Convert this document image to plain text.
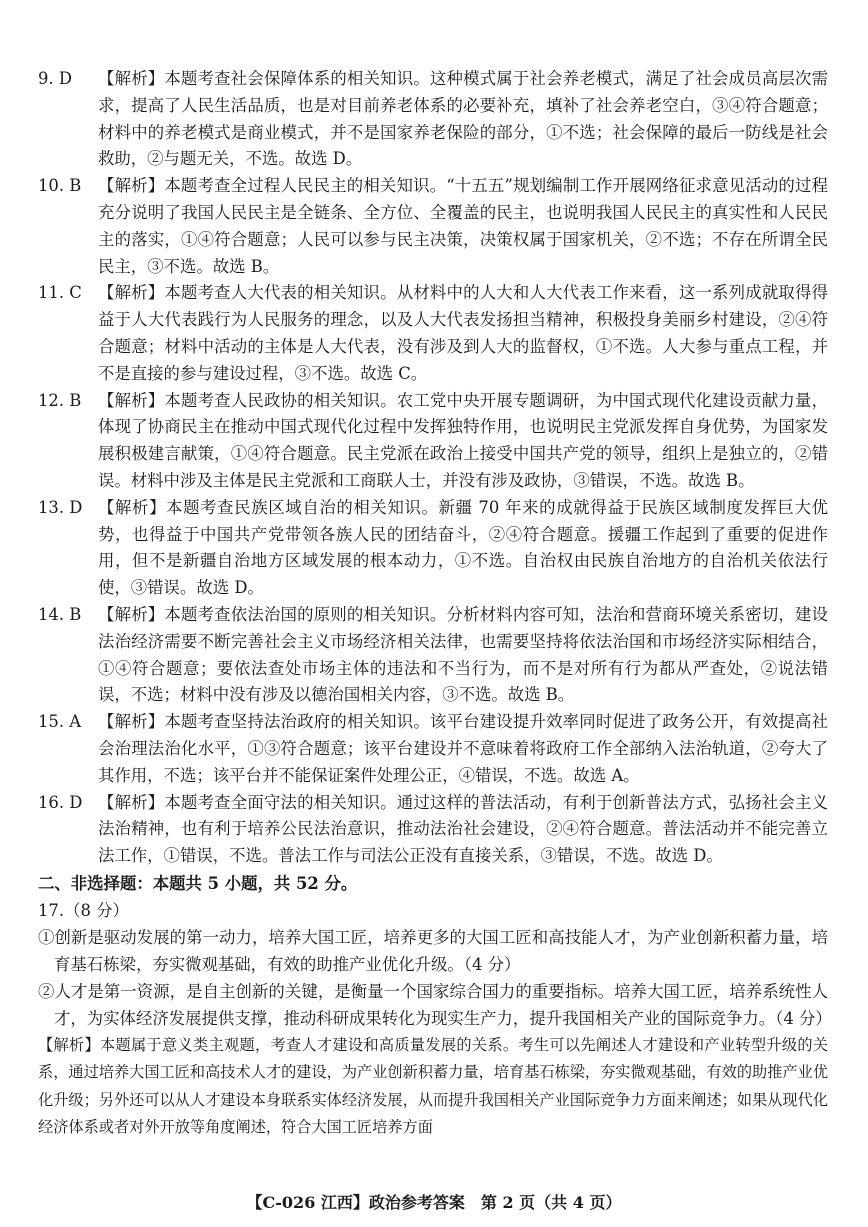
9. D	【解析】本题考查社会保障体系的相关知识。这种模式属于社会养老模式，满足了社会成员高层次需求，提高了人民生活品质，也是对目前养老体系的必要补充，填补了社会养老空白，③④符合题意；材料中的养老模式是商业模式，并不是国家养老保险的部分，①不选；社会保障的最后一防线是社会救助，②与题无关，不选。故选 D。
10. B	【解析】本题考查全过程人民民主的相关知识。“十五五”规划编制工作开展网络征求意见活动的过程充分说明了我国人民民主是全链条、全方位、全覆盖的民主，也说明我国人民民主的真实性和人民民主的落实，①④符合题意；人民可以参与民主决策，决策权属于国家机关，②不选；不存在所谓全民民主，③不选。故选 B。
11. C 【解析】本题考查人大代表的相关知识。从材料中的人大和人大代表工作来看，这一系列成就取得得益于人大代表践行为人民服务的理念，以及人大代表发扬担当精神，积极投身美丽乡村建设，②④符合题意；材料中活动的主体是人大代表，没有涉及到人大的监督权，①不选。人大参与重点工程，并不是直接的参与建设过程，③不选。故选 C。
12. B	【解析】本题考查人民政协的相关知识。农工党中央开展专题调研，为中国式现代化建设贡献力量，体现了协商民主在推动中国式现代化过程中发挥独特作用，也说明民主党派发挥自身优势，为国家发展积极建言献策，①④符合题意。民主党派在政治上接受中国共产党的领导，组织上是独立的，②错误。材料中涉及主体是民主党派和工商联人士，并没有涉及政协，③错误，不选。故选 B。
13. D 【解析】本题考查民族区域自治的相关知识。新疆 70 年来的成就得益于民族区域制度发挥巨大优势，也得益于中国共产党带领各族人民的团结奋斗，②④符合题意。援疆工作起到了重要的促进作用，但不是新疆自治地方区域发展的根本动力，①不选。自治权由民族自治地方的自治机关依法行使，③错误。故选 D。
14. B	【解析】本题考查依法治国的原则的相关知识。分析材料内容可知，法治和营商环境关系密切，建设法治经济需要不断完善社会主义市场经济相关法律，也需要坚持将依法治国和市场经济实际相结合，①④符合题意；要依法查处市场主体的违法和不当行为，而不是对所有行为都从严查处，②说法错误，不选；材料中没有涉及以德治国相关内容，③不选。故选 B。
15. A	【解析】本题考查坚持法治政府的相关知识。该平台建设提升效率同时促进了政务公开，有效提高社会治理法治化水平，①③符合题意；该平台建设并不意味着将政府工作全部纳入法治轨道，②夸大了其作用，不选；该平台并不能保证案件处理公正，④错误，不选。故选 A。
16. D 【解析】本题考查全面守法的相关知识。通过这样的普法活动，有利于创新普法方式，弘扬社会主义法治精神，也有利于培养公民法治意识，推动法治社会建设，②④符合题意。普法活动并不能完善立法工作，①错误，不选。普法工作与司法公正没有直接关系，③错误，不选。故选 D。

二、非选择题：本题共 5 小题，共 52 分。

17.（8 分）

①创新是驱动发展的第一动力，培养大国工匠，培养更多的大国工匠和高技能人才，为产业创新积蓄力量，培育基石栋梁，夯实微观基础，有效的助推产业优化升级。（4 分）

②人才是第一资源，是自主创新的关键，是衡量一个国家综合国力的重要指标。培养大国工匠，培养系统性人才，为实体经济发展提供支撑，推动科研成果转化为现实生产力，提升我国相关产业的国际竞争力。（4 分）

【解析】本题属于意义类主观题，考查人才建设和高质量发展的关系。考生可以先阐述人才建设和产业转型升级的关系，通过培养大国工匠和高技术人才的建设，为产业创新积蓄力量，培育基石栋梁，夯实微观基础，有效的助推产业优化升级；另外还可以从人才建设本身联系实体经济发展，从而提升我国相关产业国际竞争力方面来阐述；如果从现代化经济体系或者对外开放等角度阐述，符合大国工匠培养方面

【C-026 江西】政治参考答案　第 2 页（共 4 页）
